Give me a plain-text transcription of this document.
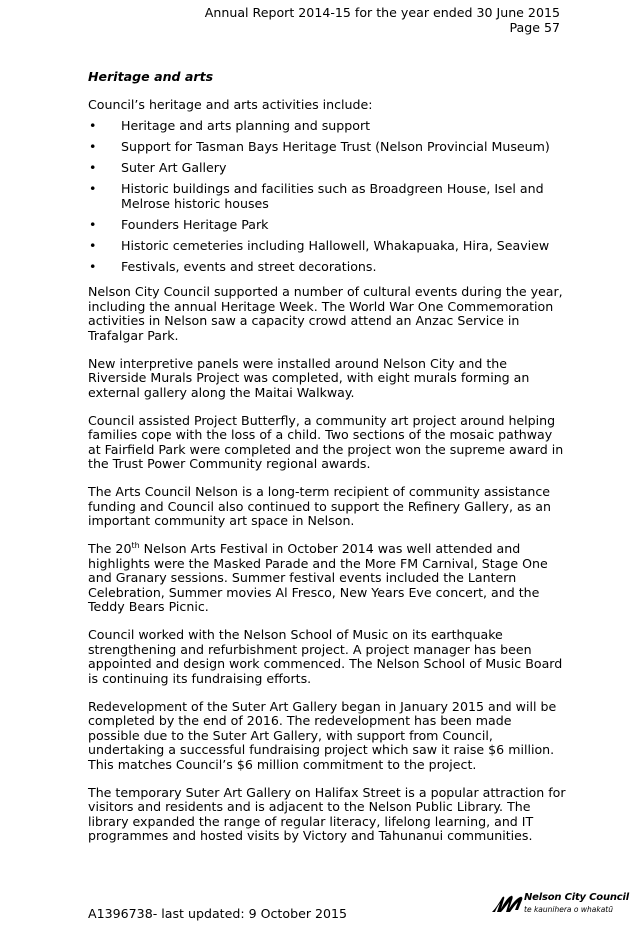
Annual Report 2014-15 for the year ended 30 June 2015
Page 57
Heritage and arts
Council’s heritage and arts activities include:
• Heritage and arts planning and support
• Support for Tasman Bays Heritage Trust (Nelson Provincial Museum)
• Suter Art Gallery
• Historic buildings and facilities such as Broadgreen House, Isel and Melrose historic houses
• Founders Heritage Park
• Historic cemeteries including Hallowell, Whakapuaka, Hira, Seaview
• Festivals, events and street decorations.

Nelson City Council supported a number of cultural events during the year, including the annual Heritage Week. The World War One Commemoration activities in Nelson saw a capacity crowd attend an Anzac Service in Trafalgar Park.

New interpretive panels were installed around Nelson City and the Riverside Murals Project was completed, with eight murals forming an external gallery along the Maitai Walkway.

Council assisted Project Butterfly, a community art project around helping families cope with the loss of a child. Two sections of the mosaic pathway at Fairfield Park were completed and the project won the supreme award in the Trust Power Community regional awards.

The Arts Council Nelson is a long-term recipient of community assistance funding and Council also continued to support the Refinery Gallery, as an important community art space in Nelson.

The 20th Nelson Arts Festival in October 2014 was well attended and highlights were the Masked Parade and the More FM Carnival, Stage One and Granary sessions. Summer festival events included the Lantern Celebration, Summer movies Al Fresco, New Years Eve concert, and the Teddy Bears Picnic.

Council worked with the Nelson School of Music on its earthquake strengthening and refurbishment project. A project manager has been appointed and design work commenced. The Nelson School of Music Board is continuing its fundraising efforts.

Redevelopment of the Suter Art Gallery began in January 2015 and will be completed by the end of 2016. The redevelopment has been made possible due to the Suter Art Gallery, with support from Council, undertaking a successful fundraising project which saw it raise $6 million. This matches Council’s $6 million commitment to the project.

The temporary Suter Art Gallery on Halifax Street is a popular attraction for visitors and residents and is adjacent to the Nelson Public Library. The library expanded the range of regular literacy, lifelong learning, and IT programmes and hosted visits by Victory and Tahunanui communities.

A1396738- last updated: 9 October 2015
Nelson City Council
te kaunihera o whakatū
